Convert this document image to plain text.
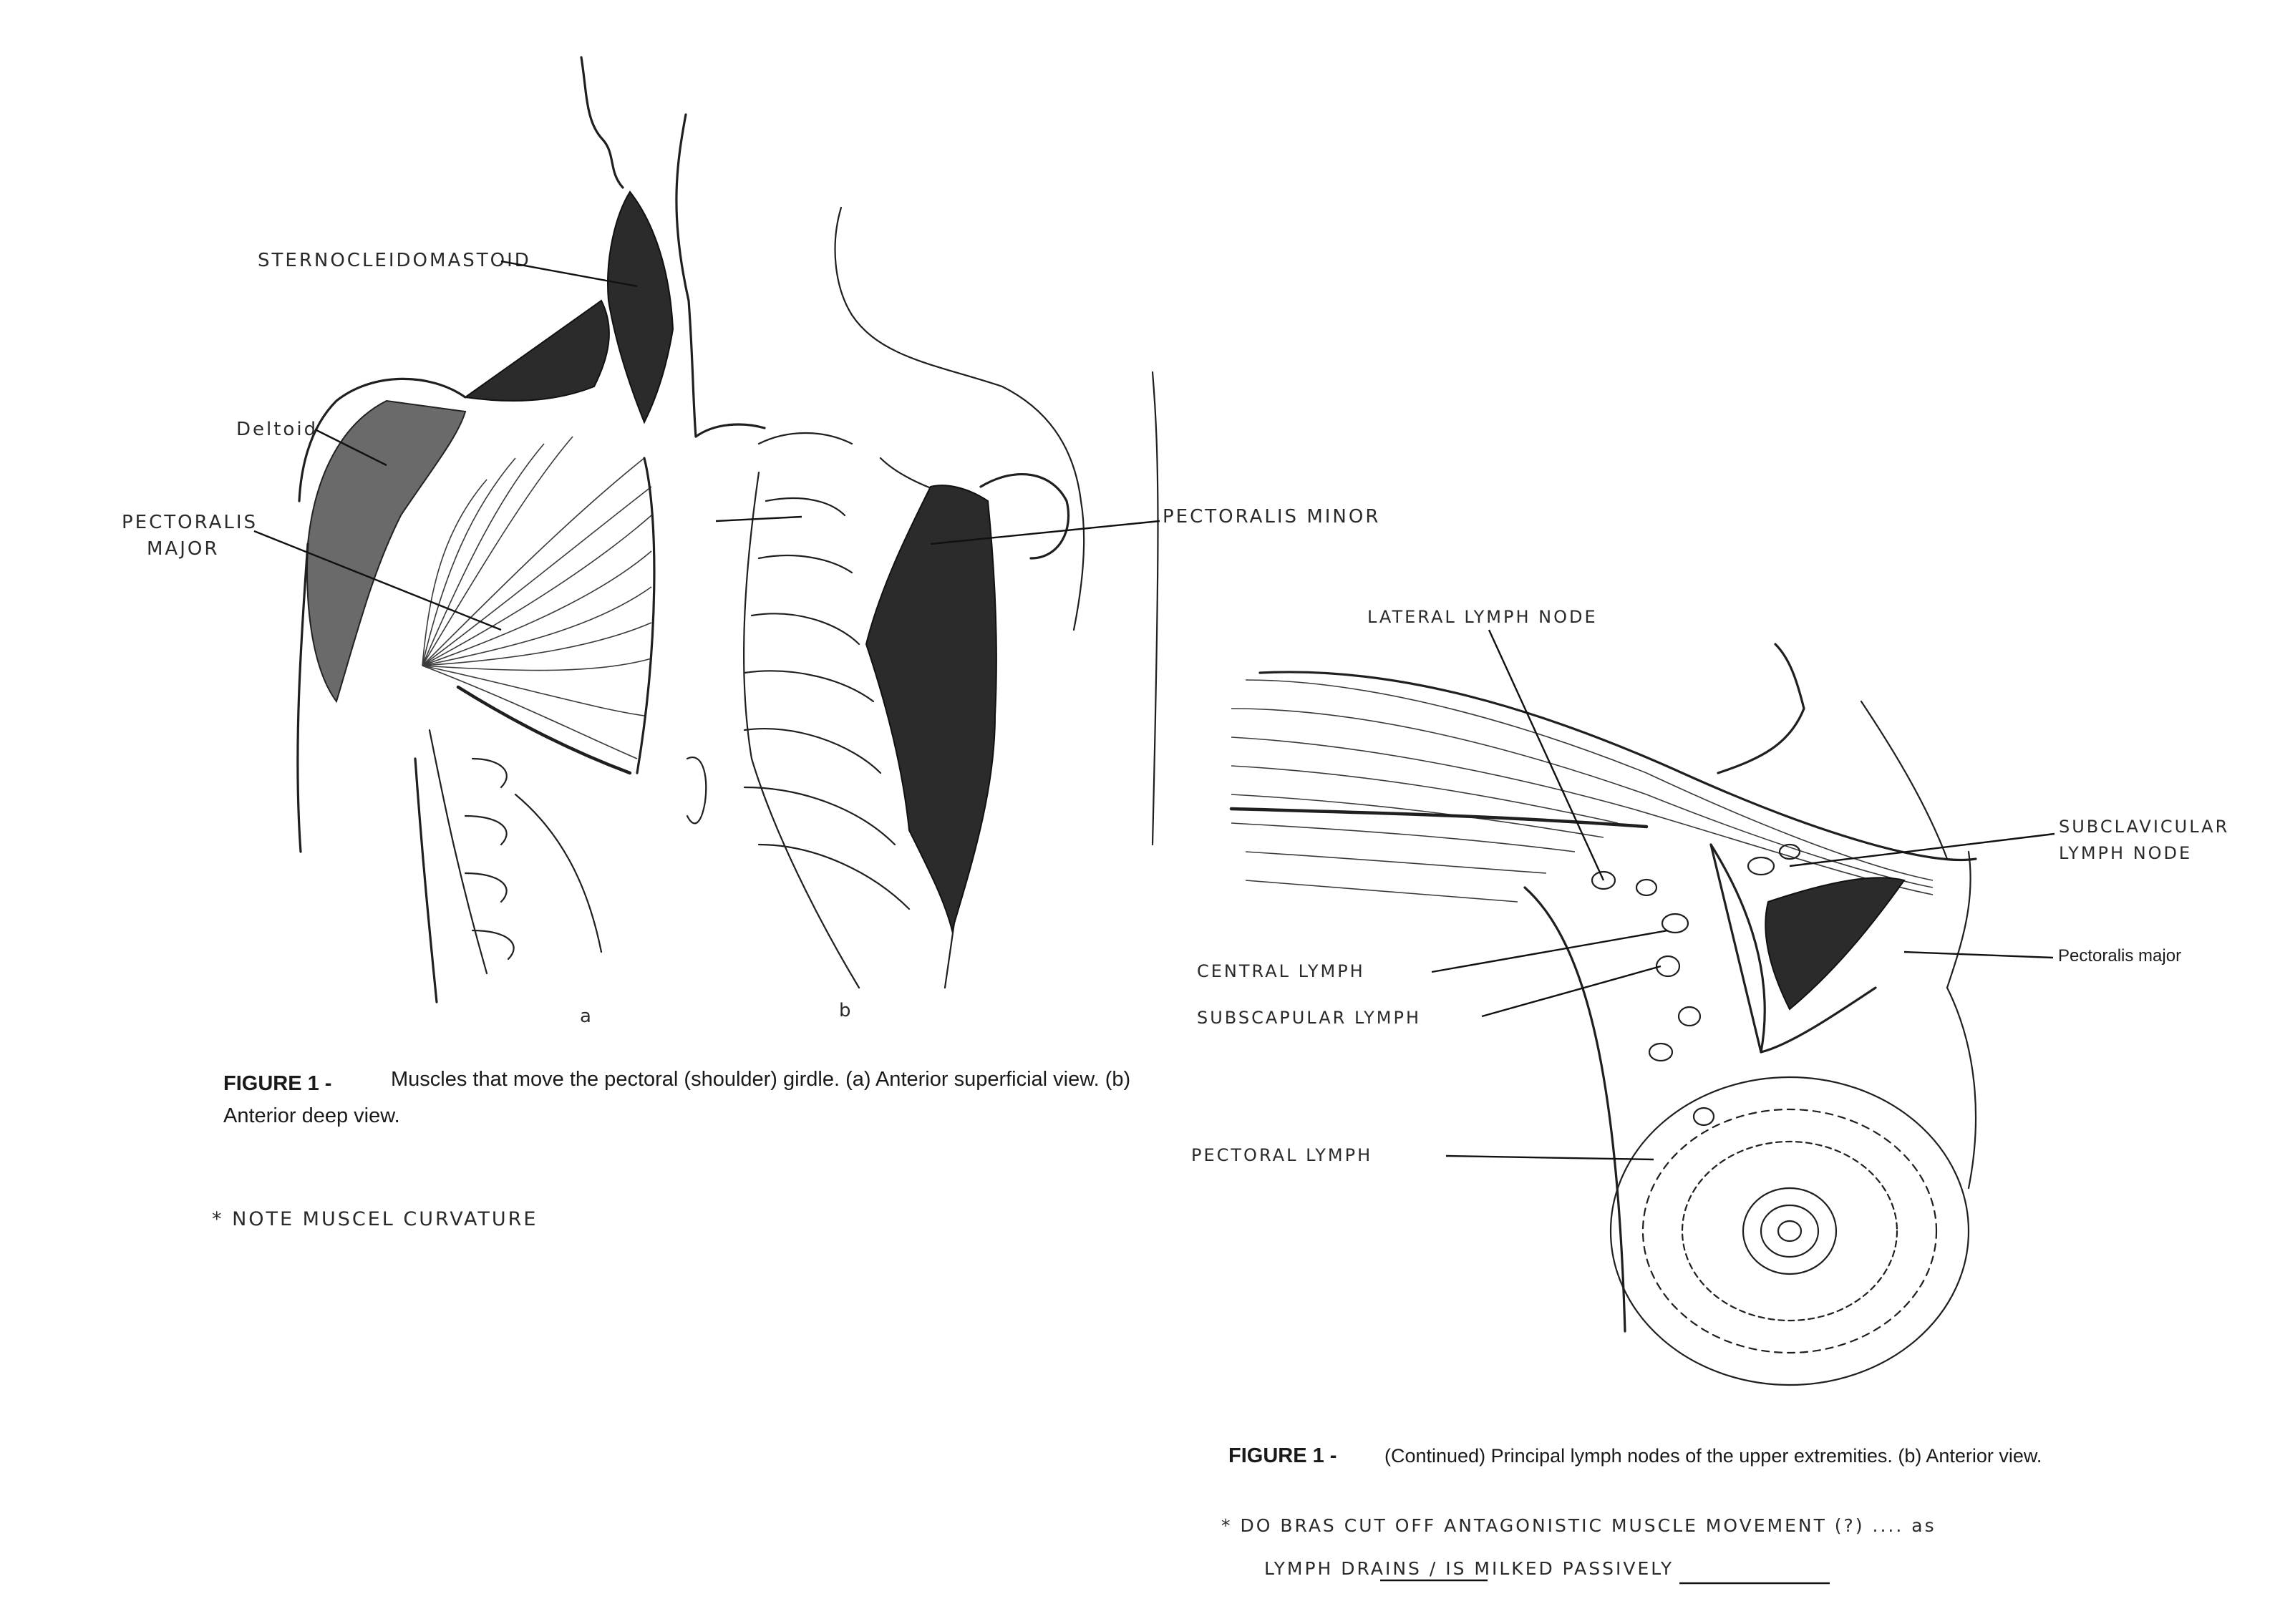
STERNOCLEIDOMASTOID
Deltoid
PECTORALIS
MAJOR
PECTORALIS MINOR
a	b
FIGURE 1 -	Muscles that move the pectoral (shoulder) girdle. (a) Anterior superficial view. (b)
Anterior deep view.
* NOTE MUSCEL CURVATURE
LATERAL LYMPH NODE
SUBCLAVICULAR
LYMPH NODE
Pectoralis major
CENTRAL LYMPH
SUBSCAPULAR LYMPH
PECTORAL LYMPH
FIGURE 1 - (Continued) Principal lymph nodes of the upper extremities. (b) Anterior view.
* DO BRAS CUT OFF ANTAGONISTIC MUSCLE MOVEMENT (?) .... as
LYMPH DRAINS / IS MILKED PASSIVELY
